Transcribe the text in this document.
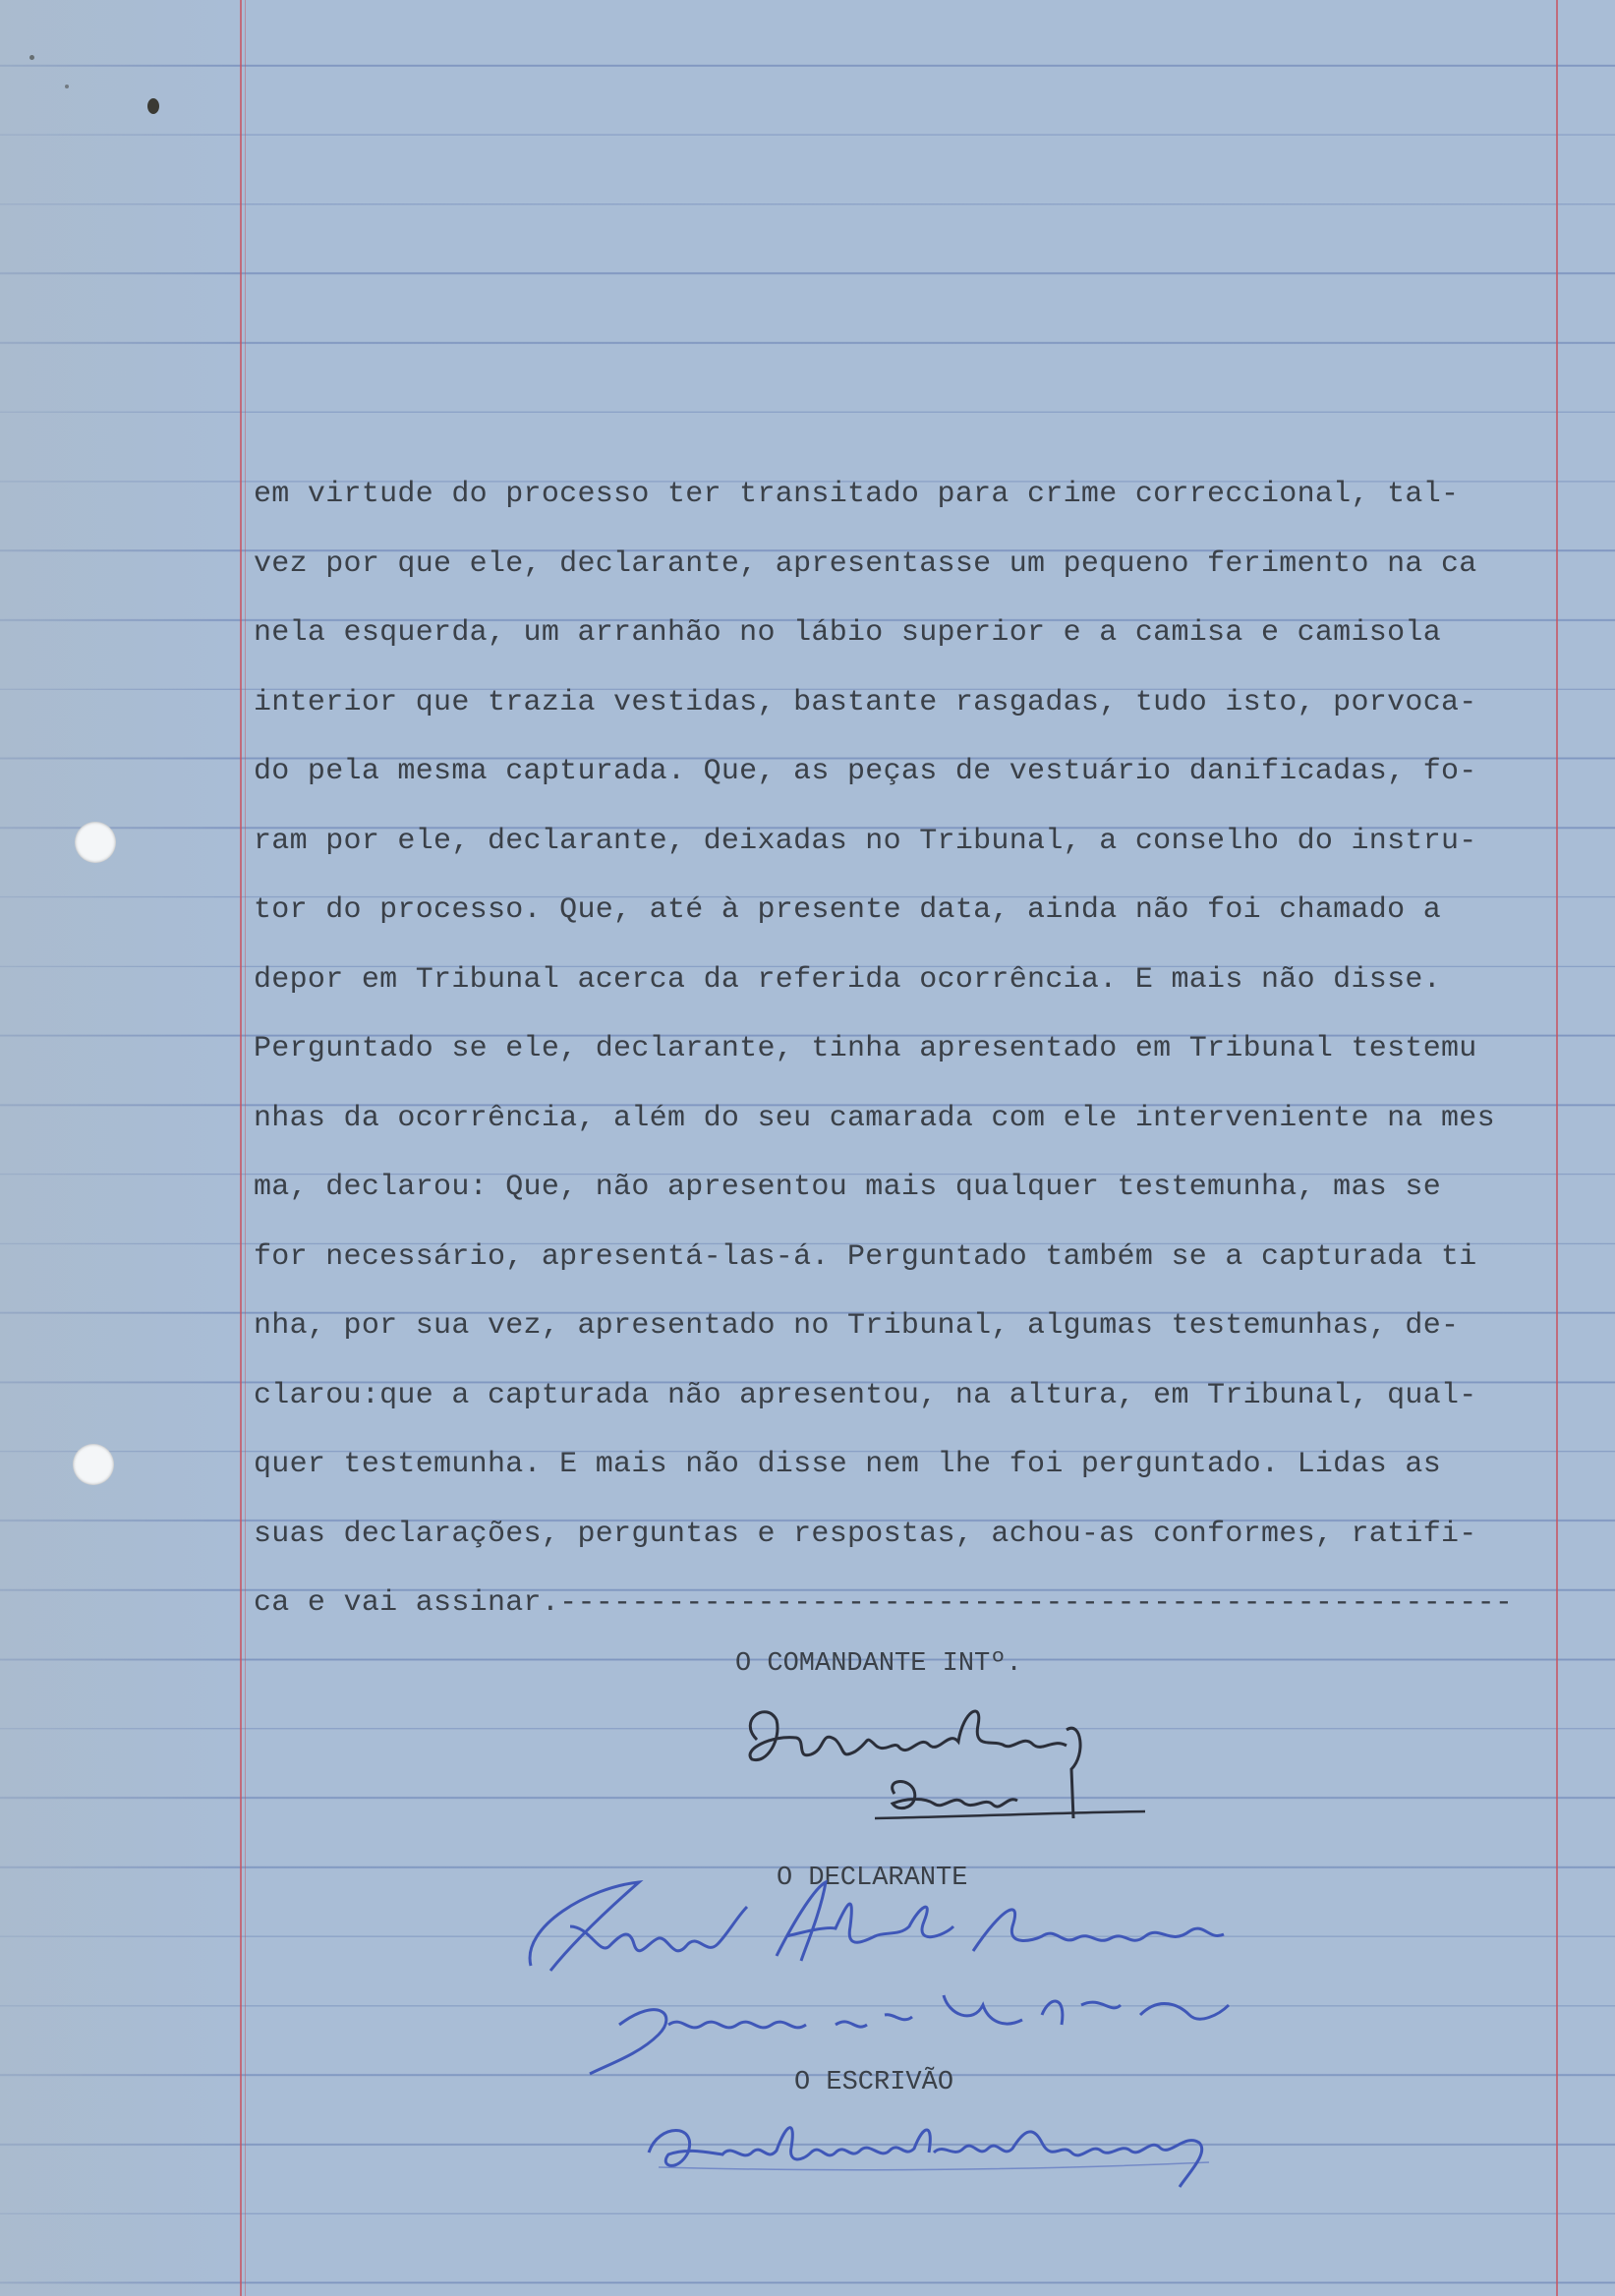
em virtude do processo ter transitado para crime correccional, tal-
vez por que ele, declarante, apresentasse um pequeno ferimento na ca
nela esquerda, um arranhão no lábio superior e a camisa e camisola
interior que trazia vestidas, bastante rasgadas, tudo isto, porvoca-
do pela mesma capturada. Que, as peças de vestuário danificadas, fo-
ram por ele, declarante, deixadas no Tribunal, a conselho do instru-
tor do processo. Que, até à presente data, ainda não foi chamado a
depor em Tribunal acerca da referida ocorrência. E mais não disse.
Perguntado se ele, declarante, tinha apresentado em Tribunal testemu
nhas da ocorrência, além do seu camarada com ele interveniente na mes
ma, declarou: Que, não apresentou mais qualquer testemunha, mas se
for necessário, apresentá-las-á. Perguntado também se a capturada ti
nha, por sua vez, apresentado no Tribunal, algumas testemunhas, de-
clarou:que a capturada não apresentou, na altura, em Tribunal, qual-
quer testemunha. E mais não disse nem lhe foi perguntado. Lidas as
suas declarações, perguntas e respostas, achou-as conformes, ratifi-
ca e vai assinar.-----------------------------------------------------
O COMANDANTE INTº.
O DECLARANTE
O ESCRIVÃO
